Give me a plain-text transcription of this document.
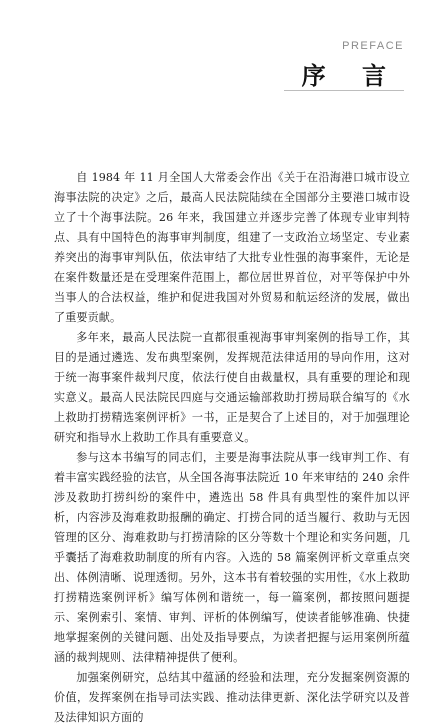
PREFACE
序 言

自 1984 年 11 月全国人大常委会作出《关于在沿海港口城市设立海事法院的决定》之后，最高人民法院陆续在全国部分主要港口城市设立了十个海事法院。26 年来，我国建立并逐步完善了体现专业审判特点、具有中国特色的海事审判制度，组建了一支政治立场坚定、专业素养突出的海事审判队伍，依法审结了大批专业性强的海事案件，无论是在案件数量还是在受理案件范围上，都位居世界首位，对平等保护中外当事人的合法权益，维护和促进我国对外贸易和航运经济的发展，做出了重要贡献。

多年来，最高人民法院一直都很重视海事审判案例的指导工作，其目的是通过遴选、发布典型案例，发挥规范法律适用的导向作用，这对于统一海事案件裁判尺度，依法行使自由裁量权，具有重要的理论和现实意义。最高人民法院民四庭与交通运输部救助打捞局联合编写的《水上救助打捞精选案例评析》一书，正是契合了上述目的，对于加强理论研究和指导水上救助工作具有重要意义。

参与这本书编写的同志们，主要是海事法院从事一线审判工作、有着丰富实践经验的法官，从全国各海事法院近 10 年来审结的 240 余件涉及救助打捞纠纷的案件中，遴选出 58 件具有典型性的案件加以评析，内容涉及海难救助报酬的确定、打捞合同的适当履行、救助与无因管理的区分、海难救助与打捞清除的区分等数十个理论和实务问题，几乎囊括了海难救助制度的所有内容。入选的 58 篇案例评析文章重点突出、体例清晰、说理透彻。另外，这本书有着较强的实用性，《水上救助打捞精选案例评析》编写体例和谐统一，每一篇案例，都按照问题提示、案例索引、案情、审判、评析的体例编写，使读者能够准确、快捷地掌握案例的关键问题、出处及指导要点，为读者把握与运用案例所蕴涵的裁判规则、法律精神提供了便利。

加强案例研究，总结其中蕴涵的经验和法理，充分发掘案例资源的价值，发挥案例在指导司法实践、推动法律更新、深化法学研究以及普及法律知识方面的
